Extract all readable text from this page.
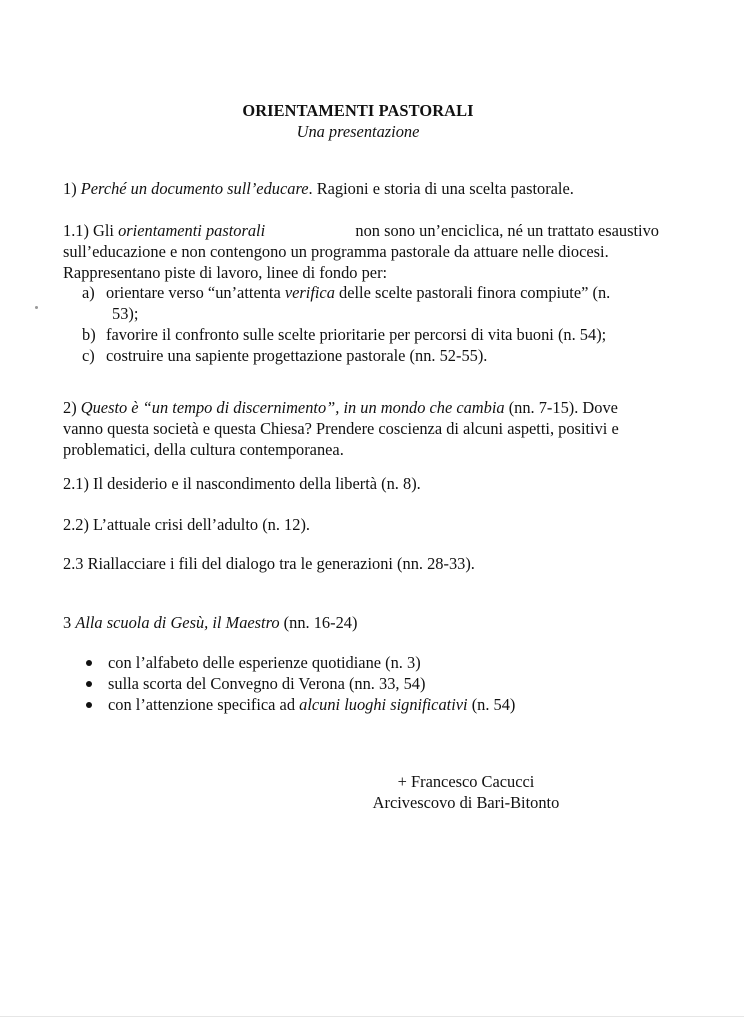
ORIENTAMENTI PASTORALI
Una presentazione
1) Perché un documento sull’educare. Ragioni e storia di una scelta pastorale.
1.1) Gli orientamenti pastorali	non sono un’enciclica, né un trattato esaustivo
sull’educazione e non contengono un programma pastorale da attuare nelle diocesi.
Rappresentano piste di lavoro, linee di fondo per:
a) orientare verso “un’attenta verifica delle scelte pastorali finora compiute” (n.
53);
b) favorire il confronto sulle scelte prioritarie per percorsi di vita buoni (n. 54);
c) costruire una sapiente progettazione pastorale (nn. 52-55).
2) Questo è “un tempo di discernimento”, in un mondo che cambia (nn. 7-15). Dove
vanno questa società e questa Chiesa? Prendere coscienza di alcuni aspetti, positivi e
problematici, della cultura contemporanea.
2.1) Il desiderio e il nascondimento della libertà (n. 8).
2.2) L’attuale crisi dell’adulto (n. 12).
2.3 Riallacciare i fili del dialogo tra le generazioni (nn. 28-33).
3 Alla scuola di Gesù, il Maestro (nn. 16-24)
con l’alfabeto delle esperienze quotidiane (n. 3)
sulla scorta del Convegno di Verona (nn. 33, 54)
con l’attenzione specifica ad alcuni luoghi significativi (n. 54)
+ Francesco Cacucci
Arcivescovo di Bari-Bitonto
